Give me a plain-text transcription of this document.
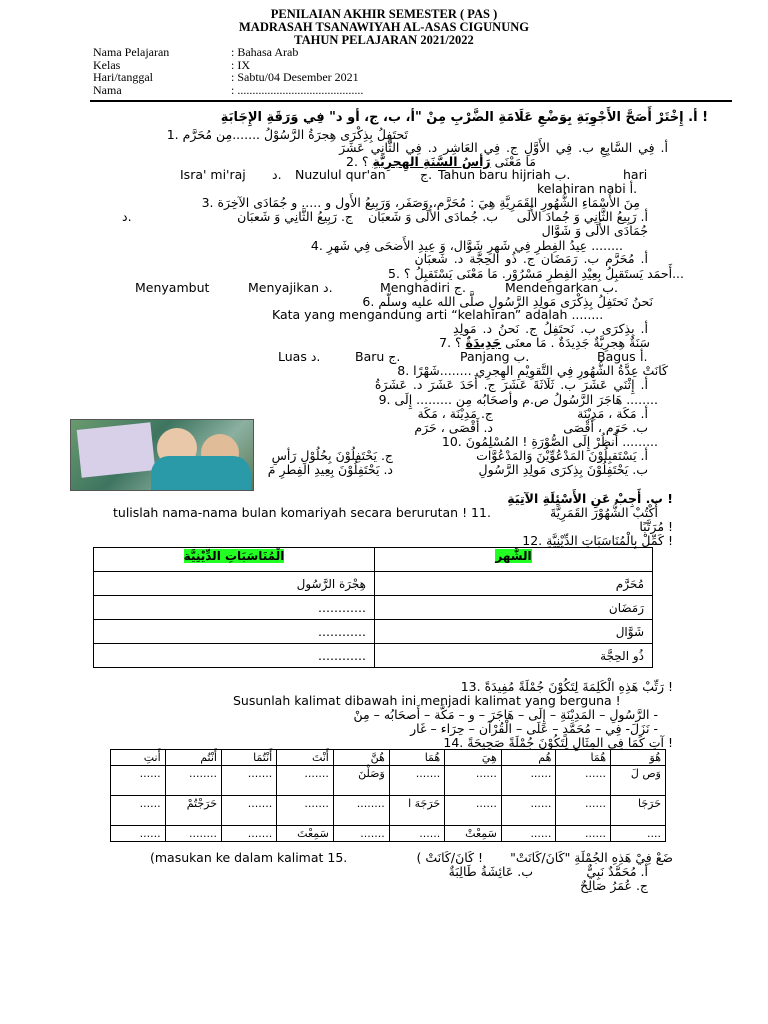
PENILAIAN AKHIR SEMESTER ( PAS )
MADRASAH TSANAWIYAH AL-ASAS CIGUNUNG
TAHUN PELAJARAN 2021/2022
Nama Pelajaran	: Bahasa Arab
Kelas	: IX
Hari/tanggal	: Sabtu/04 Desember 2021
Nama	: ..........................................
! أ. إِخْتَرْ أَصَحَّ الأَجْوِبَةِ بِوَضْعِ عَلَامَةِ الضَّرْبِ مِنْ "أ، ب، ج، أو د" فِي وَرَقَةِ الإِجَابَةِ
تَحتَفِلُ بِذِكْرَى هِجرَةُ الرَّسُوْلُ .......مِن مُحَرَّم .1
أ. فِي السَّابِعِ ب. فِي الأَوَّلِ ج. فِي العَاشِر د. فِي الثَّانِي عَشَرَ
مَا مَعْنَى رَأسُ السَّنَةِ الهِجرِيَّةِ ؟ .2
Isra' mi'raj د. Nuzulul qur'an	ج. Tahun baru hijriah ب.	hari
kelahiran nabi أ.
مِنَ الأَسْمَاءِ الشُّهُورِ القَمَرِيَّةِ هِيَ : مُحَرَّم، وَصَفَر، وَرَبِيعُ الأَول و ..... و جُمَادَى الآخِرَة .3
أ. رَبِيعُ الثَّانِي وَ جُمادَ الأُلَى
ب. جُمادَى الأُلَى وَ شَعبَان
ج. رَبِيعُ الثَّانِي وَ شَعبَان
د.
جُمَادَى الأُلَى وَ شَوَّال
........ عِيدُ الفِطرِ فِي شَهرِ شَوَّال، وَ عِيدِ الأَضحَى فِي شَهرِ .4
أ. مُحَرَّم ب. رَمَضَان ج. ذُو الحِجَّة د. شَعبَان
...أَحمَد يَستَقبِلُ بِعِيْدِ الفِطرِ مَسْرُوْر. مَا مَعْنَى يَسْتَقبِلُ ؟ .5
Menyambut	Menyajikan د.	Menghadiri ج.	Mendengarkan ب.
نَحنُ نَحتَفِلُ بِذِكْرَى مَولِدِ الرَّسُولِ صلَّى الله عليه وسلّم .6
Kata yang mengandung arti “kelahiran” adalah ........
أ. بِذِكرَى ب. نَحتَفِلُ ج. نَحنُ د. مَولِدِ
سَنَةٌ هِجرِيَّةٌ جَدِيدَةٌ . مَا معنَى جَدِيدَةٌ ؟ .7
Luas د.	Baru ج.	Panjang ب.	Bagus أ.
كَانَتْ عِدَّةُ الشُّهُورِ فِي التَّقوِيْمِ الهِجرِي ........شَهْرًا .8
أ. إِثْنَي عَشَرَ ب. ثَلَاثَةَ عَشَرَ ج. أَحَدَ عَشَرَ د. عَشَرَةُ
........ هَاجَرَ الرَّسُولُ ص.م وأصحَابُه مِن ......... إِلَى .9
أ. مَكَة ، مَدِيْنَة
ج. مَدِيْنَة ، مَكَة
ب. حَرَم ، أَقْصَى
د. أَقْصَى ، حَرَم
......... أُنظُرْ إِلَى الصُّوْرَةِ ! المُسْلِمُونَ .10
أ. يَسْتَقبِلُوْنَ المَدْعُوِّيْنَ وَالمَدْعُوَّات
ج. يَحْتَفِلُوْنَ بِحُلُوْلِ رَأسِ
ب. يَحْتَفِلُوْنَ بِذِكرَى مَولِدِ الرَّسُولِ
د. يَحْتَفِلُوْنَ بِعِيدِ الفِطرِ مَ
! ب. أَجِبْ عَنِ الأَسْئِلَةِ الآتِيَةِ
tulislah nama-nama bulan komariyah secara berurutan ! 11.	أُكْتُبْ الشُّهُوْرَ القَمَرِيَّةَ
! مُرَتَّبًا
! كَمِّلْ بِالْمُنَاسَبَاتِ الدِّيْنِيَّةِ .12
الْمُنَاسَبَاتِ الدِّيْنِيَّة	الشَّهر
هِجْرَة الرَّسُول	مُحَرَّم
…………	رَمَضَان
…………	شَوَّال
…………	ذُو الحِجَّة
! رَتِّبْ هَذِهِ الْكَلِمَةَ لِتَكُوْنَ جُمْلَةً مُفِيدَةً .13
Susunlah kalimat dibawah ini menjadi kalimat yang berguna !
- الرَّسُولِ – المَدِيْنَةِ – إِلَى – هَاجَرَ – و – مَكَّة – أَصحَابُه – مِنْ
- نَزَلَ- فِي – مُحَمَّدٍ – عَلَى – الْقُرْآن – حِرَاء – غَار
! آتِ كَمَا فِي المِثَالِ لِتَكُوْنَ جُمْلَةً صَحِيحَةً .14
هُوَ	هُمَا	هُم	هِيَ	هُمَا	هُنَّ	أَنْتَ	أَنْتُمَا	أَنْتُم	أَنتِ
وَص لَ	......	......	......	.......	وَصَلْنَ	.......	.......	........	......
حَرَجَا	......	......	......	حَرَجَهَ ا	........	.......	.......	حَرَجْتُمْ	......
....	......	......	سَمِعْتْ	......	.......	سَمِعْتَ	.......	........	......
(masukan ke dalam kalimat 15.	! كَانَ/كَانَتْ ) ضَعْ فِيْ هَذِهِ الجُمْلَةِ "كَانَ/كَانَتْ"
أ. مُحَمَّدٌ نَبِيٌّ
ب. عَائِشَةُ طَالِبَةٌ
ج. عُمَرُ صَالِحٌ
